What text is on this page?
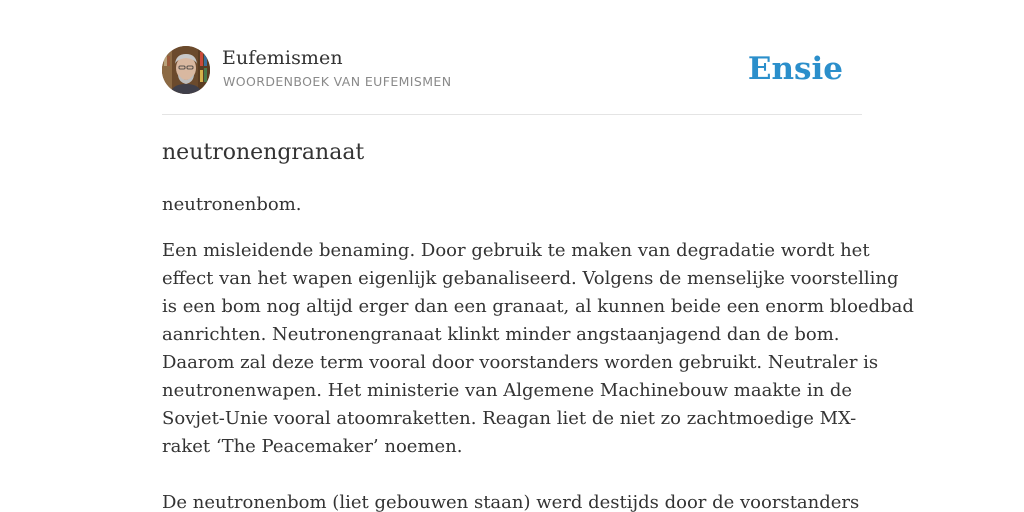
Eufemismen
WOORDENBOEK VAN EUFEMISMEN	Ensie
neutronengranaat

neutronenbom.

Een misleidende benaming. Door gebruik te maken van degradatie wordt het
effect van het wapen eigenlijk gebanaliseerd. Volgens de menselijke voorstelling
is een bom nog altijd erger dan een granaat, al kunnen beide een enorm bloedbad
aanrichten. Neutronengranaat klinkt minder angstaanjagend dan de bom.
Daarom zal deze term vooral door voorstanders worden gebruikt. Neutraler is
neutronenwapen. Het ministerie van Algemene Machinebouw maakte in de
Sovjet-Unie vooral atoomraketten. Reagan liet de niet zo zachtmoedige MX-
raket ‘The Peacemaker’ noemen.
De neutronenbom (liet gebouwen staan) werd destijds door de voorstanders
